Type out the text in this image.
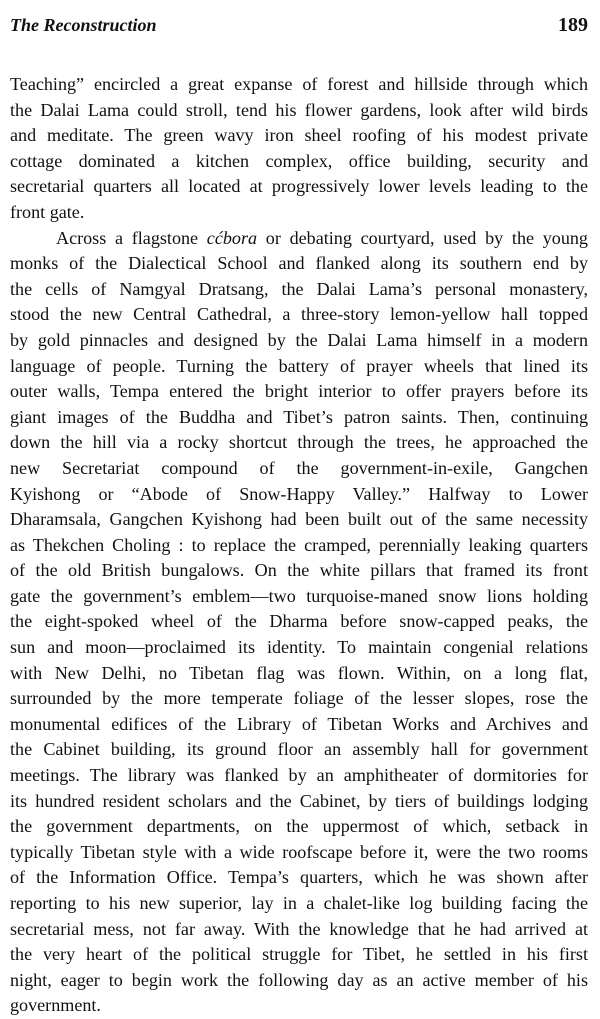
The Reconstruction	189
Teaching” encircled a great expanse of forest and hillside through which
the Dalai Lama could stroll, tend his flower gardens, look after wild birds
and meditate. The green wavy iron sheel roofing of his modest private
cottage dominated a kitchen complex, office building, security and
secretarial quarters all located at progressively lower levels leading to the
front gate.
Across a flagstone cćbora or debating courtyard, used by the young
monks of the Dialectical School and flanked along its southern end by
the cells of Namgyal Dratsang, the Dalai Lama’s personal monastery,
stood the new Central Cathedral, a three-story lemon-yellow hall topped
by gold pinnacles and designed by the Dalai Lama himself in a modern
language of people. Turning the battery of prayer wheels that lined its
outer walls, Tempa entered the bright interior to offer prayers before its
giant images of the Buddha and Tibet’s patron saints. Then, continuing
down the hill via a rocky shortcut through the trees, he approached the
new Secretariat compound of the government-in-exile, Gangchen
Kyishong or “Abode of Snow-Happy Valley.” Halfway to Lower
Dharamsala, Gangchen Kyishong had been built out of the same necessity
as Thekchen Choling : to replace the cramped, perennially leaking quarters
of the old British bungalows. On the white pillars that framed its front
gate the government’s emblem—two turquoise-maned snow lions holding
the eight-spoked wheel of the Dharma before snow-capped peaks, the
sun and moon—proclaimed its identity. To maintain congenial relations
with New Delhi, no Tibetan flag was flown. Within, on a long flat,
surrounded by the more temperate foliage of the lesser slopes, rose the
monumental edifices of the Library of Tibetan Works and Archives and
the Cabinet building, its ground floor an assembly hall for government
meetings. The library was flanked by an amphitheater of dormitories for
its hundred resident scholars and the Cabinet, by tiers of buildings lodging
the government departments, on the uppermost of which, setback in
typically Tibetan style with a wide roofscape before it, were the two rooms
of the Information Office. Tempa’s quarters, which he was shown after
reporting to his new superior, lay in a chalet-like log building facing the
secretarial mess, not far away. With the knowledge that he had arrived at
the very heart of the political struggle for Tibet, he settled in his first
night, eager to begin work the following day as an active member of his
government.
